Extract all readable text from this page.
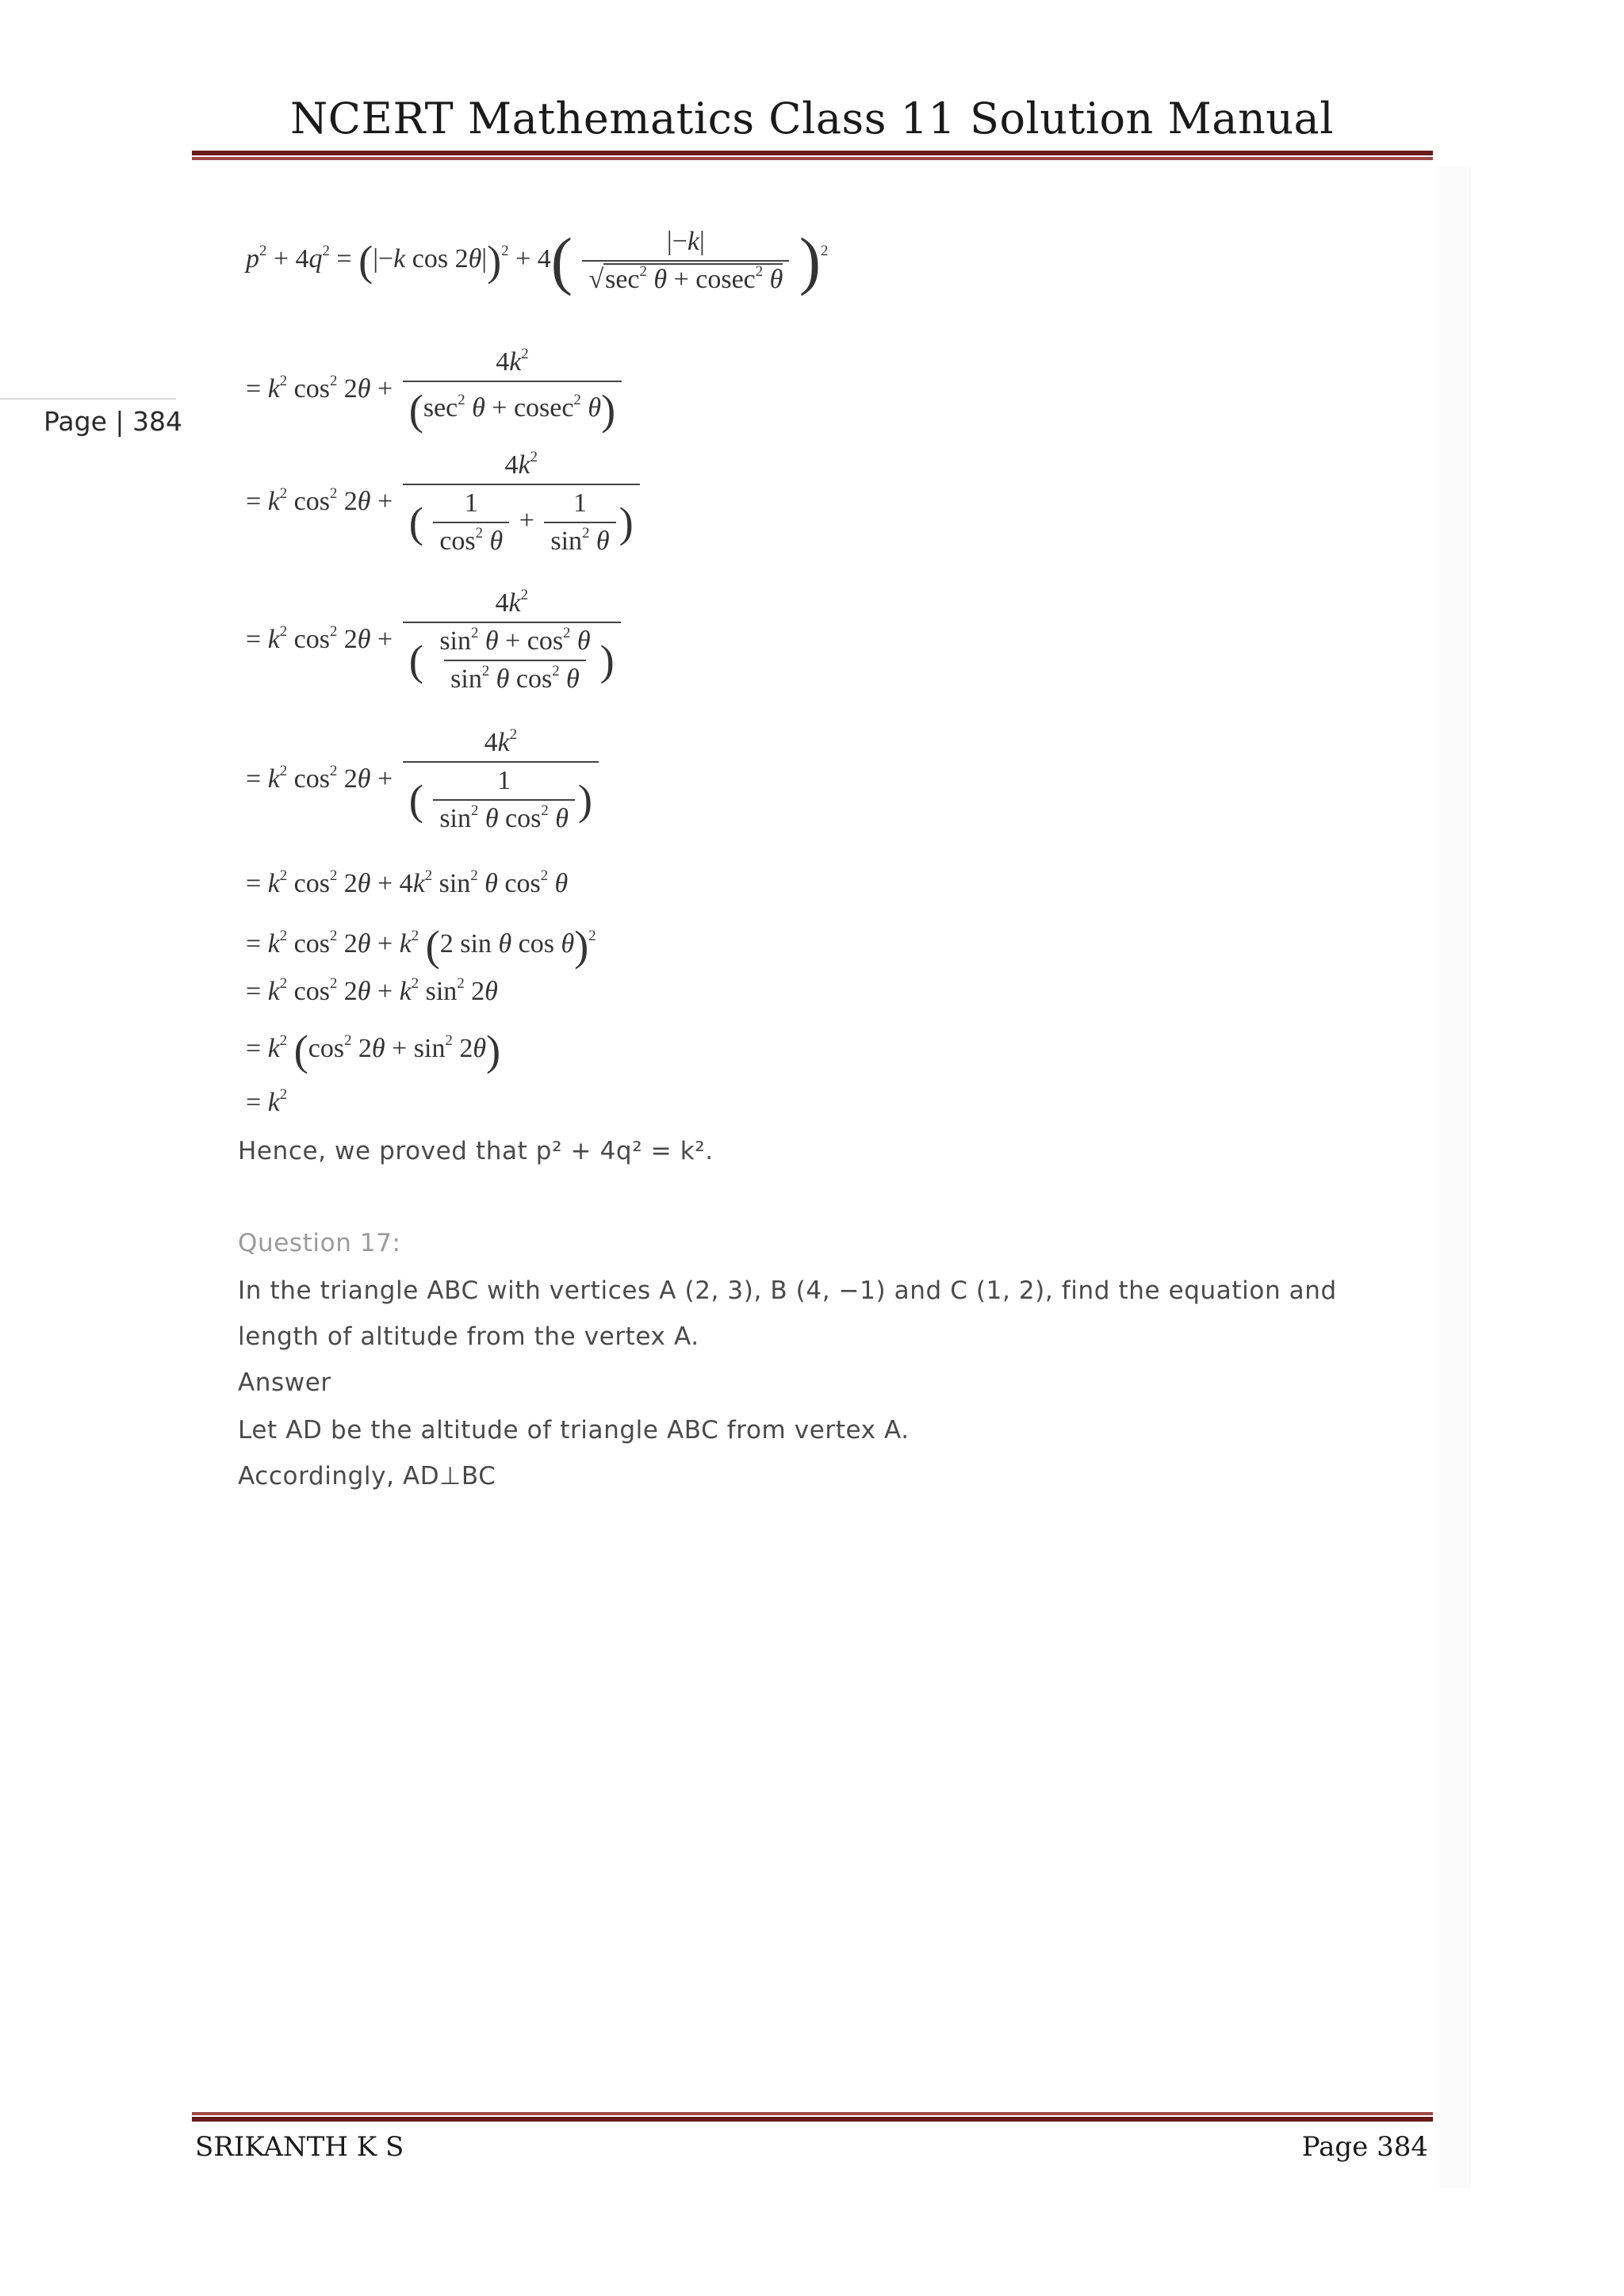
NCERT Mathematics Class 11 Solution Manual
Page | 384
$p^2 + 4q^2 = (|-k$ $\cos 2\theta|)^2 + 4( \frac{|-k|}{√\sec^2 \theta + cosec^2 \theta} )^2$
= $k^2$ $\cos^2 2\theta + \frac{4k^2}{(\sec^2 \theta + cosec^2 \theta)}$
= $k^2$ $\cos^2 2\theta + \frac{4k^2}{( \frac{1}{\cos^2 \theta} + \frac{1}{\sin^2 \theta} )}$
= $k^2$ $\cos^2 2\theta + \frac{4k^2}{( \frac{\sin^2 \theta + \cos^2 \theta}{\sin^2 \theta \cos^2 \theta} )}$
= $k^2$ $\cos^2 2\theta + \frac{4k^2}{( \frac{1}{\sin^2 \theta \cos^2 \theta} )}$
= $k^2$ $\cos^2 2\theta + 4k^2$ $\sin^2 \theta$ $\cos^2 \theta$
= $k^2$ $\cos^2 2\theta + k^2$ (2 sin θ cos θ)$^2$
= $k^2$ $\cos^2 2\theta + k^2$ $\sin^2 2\theta$
= $k^2$ ($\cos^2$ $2\theta + \sin^2 2\theta$)
= $k^2$
Hence, we proved that p² + 4q² = k².
Question 17:
In the triangle ABC with vertices A (2, 3), B (4, −1) and C (1, 2), find the equation and
length of altitude from the vertex A.
Answer
Let AD be the altitude of triangle ABC from vertex A.
Accordingly, AD⊥BC
SRIKANTH K S	Page 384
